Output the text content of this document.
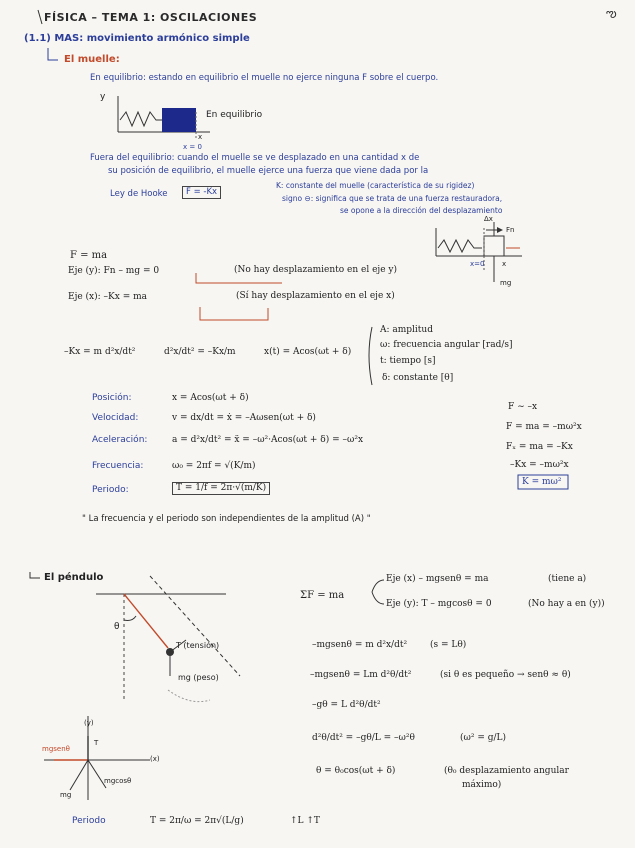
FÍSICA – TEMA 1: OSCILACIONES	ఌ
(1.1) MAS: movimiento armónico simple
El muelle:
En equilibrio: estando en equilibrio el muelle no ejerce ninguna F sobre el cuerpo.
y
En equilibrio
x
x = 0
Fuera del equilibrio: cuando el muelle se ve desplazado en una cantidad x de
su posición de equilibrio, el muelle ejerce una fuerza que viene dada por la
Ley de Hooke	F = -Kx
K: constante del muelle (característica de su rigidez)
signo ⊖: significa que se trata de una fuerza restauradora,
se opone a la dirección del desplazamiento
Δx
Fn
x=0	x
mg
F = ma
Eje (y): Fn – mg = 0	(No hay desplazamiento en el eje y)
Eje (x): –Kx = ma	(Sí hay desplazamiento en el eje x)
–Kx = m d²x/dt²	d²x/dt² = –Kx/m	x(t) = Acos(ωt + δ)
A: amplitud
ω: frecuencia angular [rad/s]
t: tiempo [s]
δ: constante [θ]
Posición:	x = Acos(ωt + δ)
Velocidad:	v = dx/dt = ẋ = –Aωsen(ωt + δ)
Aceleración:	a = d²x/dt² = ẍ = –ω²·Acos(ωt + δ) = –ω²x
Frecuencia:	ω₀ = 2πf = √(K/m)
Periodo:	T = 1/f = 2π·√(m/K)
F ∼ –x
F = ma = –mω²x
Fₓ = ma = –Kx
–Kx = –mω²x
K = mω²
" La frecuencia y el periodo son independientes de la amplitud (A) "
El péndulo
ΣF = ma
Eje (x) – mgsenθ = ma	(tiene a)
Eje (y): T – mgcosθ = 0	(No hay a en (y))
θ
T (tensión)
mg (peso)
–mgsenθ = m d²x/dt²	(s = Lθ)
–mgsenθ = Lm d²θ/dt²	(si θ es pequeño → senθ ≈ θ)
–gθ = L d²θ/dt²
d²θ/dt² = –gθ/L = –ω²θ	(ω² = g/L)
θ = θ₀cos(ωt + δ)	(θ₀ desplazamiento angular
máximo)
(y)
(x)
mgsenθ
T
mgcosθ
mg
Periodo	T = 2π/ω = 2π√(L/g)	↑L ↑T
